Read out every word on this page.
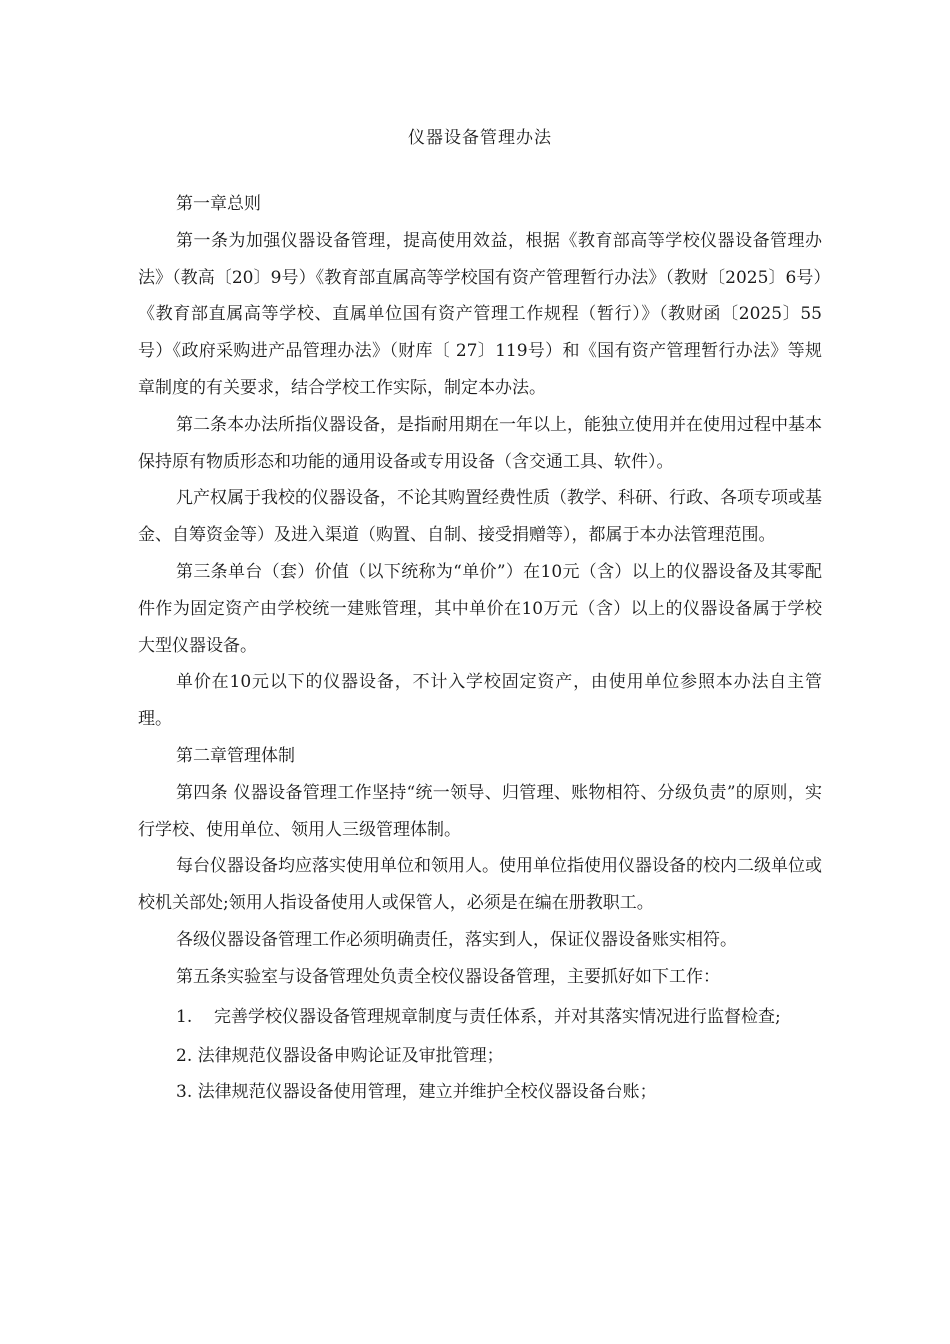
仪器设备管理办法

第一章总则

第一条为加强仪器设备管理，提高使用效益，根据《教育部高等学校仪器设备管理办法》（教高〔20〕9号）《教育部直属高等学校国有资产管理暂行办法》（教财〔2025〕6号）《教育部直属高等学校、直属单位国有资产管理工作规程（暂行）》（教财函〔2025〕55号）《政府采购进产品管理办法》（财库〔 27〕119号）和《国有资产管理暂行办法》等规章制度的有关要求，结合学校工作实际，制定本办法。

第二条本办法所指仪器设备，是指耐用期在一年以上，能独立使用并在使用过程中基本保持原有物质形态和功能的通用设备或专用设备（含交通工具、软件）。

凡产权属于我校的仪器设备，不论其购置经费性质（教学、科研、行政、各项专项或基金、自筹资金等）及进入渠道（购置、自制、接受捐赠等），都属于本办法管理范围。

第三条单台（套）价值（以下统称为“单价”）在10元（含）以上的仪器设备及其零配件作为固定资产由学校统一建账管理，其中单价在10万元（含）以上的仪器设备属于学校大型仪器设备。

单价在10元以下的仪器设备，不计入学校固定资产，由使用单位参照本办法自主管理。

第二章管理体制

第四条 仪器设备管理工作坚持“统一领导、归管理、账物相符、分级负责”的原则，实行学校、使用单位、领用人三级管理体制。

每台仪器设备均应落实使用单位和领用人。使用单位指使用仪器设备的校内二级单位或校机关部处;领用人指设备使用人或保管人，必须是在编在册教职工。

各级仪器设备管理工作必须明确责任，落实到人，保证仪器设备账实相符。

第五条实验室与设备管理处负责全校仪器设备管理，主要抓好如下工作：

1. 完善学校仪器设备管理规章制度与责任体系，并对其落实情况进行监督检查;

2. 法律规范仪器设备申购论证及审批管理；

3. 法律规范仪器设备使用管理，建立并维护全校仪器设备台账；
